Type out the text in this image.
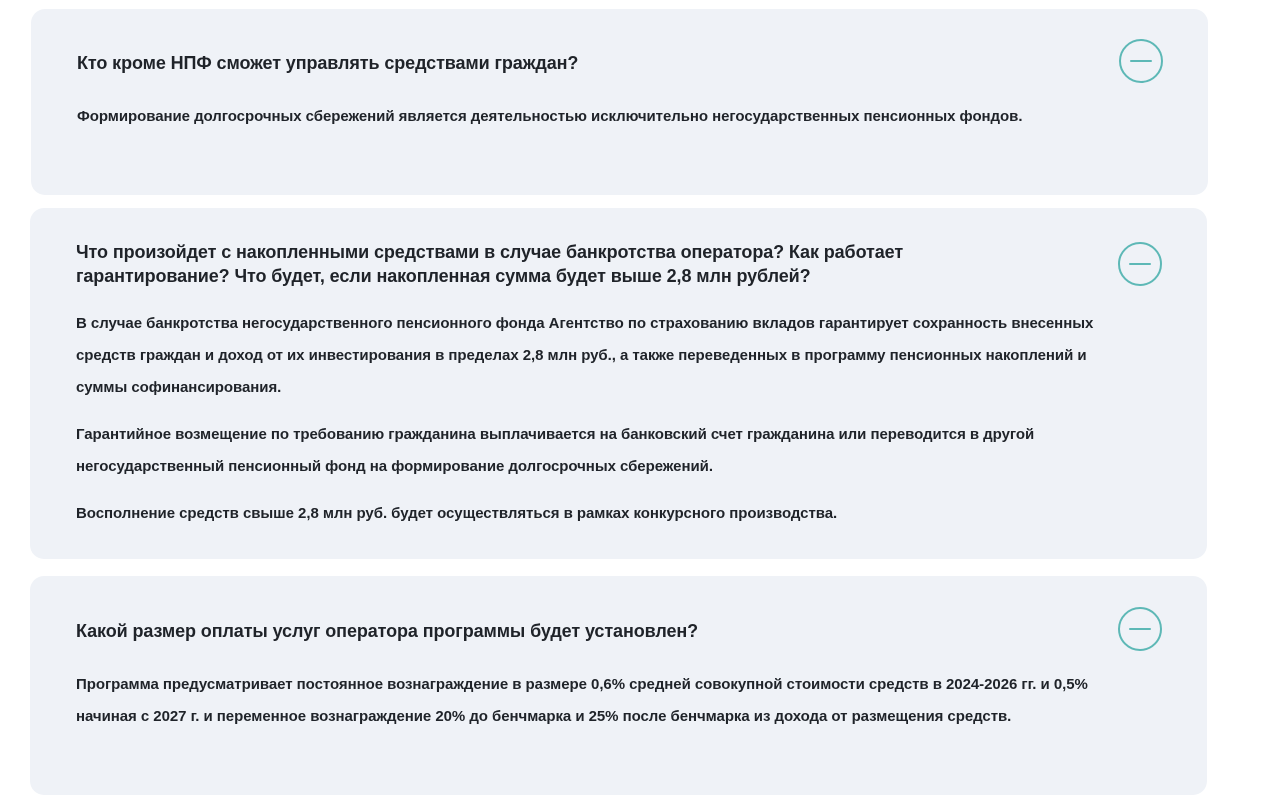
Кто кроме НПФ сможет управлять средствами граждан?

Формирование долгосрочных сбережений является деятельностью исключительно негосударственных пенсионных фондов.

Что произойдет с накопленными средствами в случае банкротства оператора? Как работает гарантирование? Что будет, если накопленная сумма будет выше 2,8 млн рублей?

В случае банкротства негосударственного пенсионного фонда Агентство по страхованию вкладов гарантирует сохранность внесенных средств граждан и доход от их инвестирования в пределах 2,8 млн руб., а также переведенных в программу пенсионных накоплений и суммы софинансирования.

Гарантийное возмещение по требованию гражданина выплачивается на банковский счет гражданина или переводится в другой негосударственный пенсионный фонд на формирование долгосрочных сбережений.

Восполнение средств свыше 2,8 млн руб. будет осуществляться в рамках конкурсного производства.

Какой размер оплаты услуг оператора программы будет установлен?

Программа предусматривает постоянное вознаграждение в размере 0,6% средней совокупной стоимости средств в 2024-2026 гг. и 0,5% начиная с 2027 г. и переменное вознаграждение 20% до бенчмарка и 25% после бенчмарка из дохода от размещения средств.
